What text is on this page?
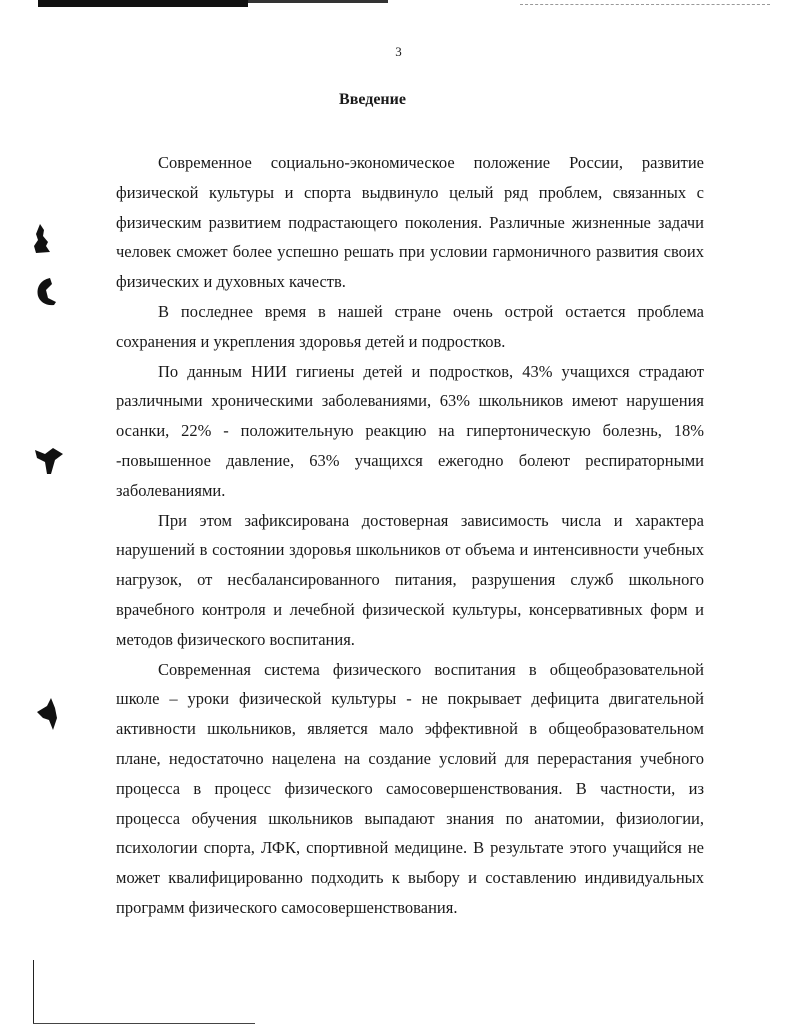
3
Введение

Современное социально-экономическое положение России, развитие физической культуры и спорта выдвинуло целый ряд проблем, связанных с физическим развитием подрастающего поколения. Различные жизненные задачи человек сможет более успешно решать при условии гармоничного развития своих физических и духовных качеств.

В последнее время в нашей стране очень острой остается проблема сохранения и укрепления здоровья детей и подростков.

По данным НИИ гигиены детей и подростков, 43% учащихся страдают различными хроническими заболеваниями, 63% школьников имеют нарушения осанки, 22% - положительную реакцию на гипертоническую болезнь, 18% -повышенное давление, 63% учащихся ежегодно болеют респираторными заболеваниями.

При этом зафиксирована достоверная зависимость числа и характера нарушений в состоянии здоровья школьников от объема и интенсивности учебных нагрузок, от несбалансированного питания, разрушения служб школьного врачебного контроля и лечебной физической культуры, консервативных форм и методов физического воспитания.

Современная система физического воспитания в общеобразовательной школе – уроки физической культуры - не покрывает дефицита двигательной активности школьников, является мало эффективной в общеобразовательном плане, недостаточно нацелена на создание условий для перерастания учебного процесса в процесс физического самосовершенствования. В частности, из процесса обучения школьников выпадают знания по анатомии, физиологии, психологии спорта, ЛФК, спортивной медицине. В результате этого учащийся не может квалифицированно подходить к выбору и составлению индивидуальных программ физического самосовершенствования.
